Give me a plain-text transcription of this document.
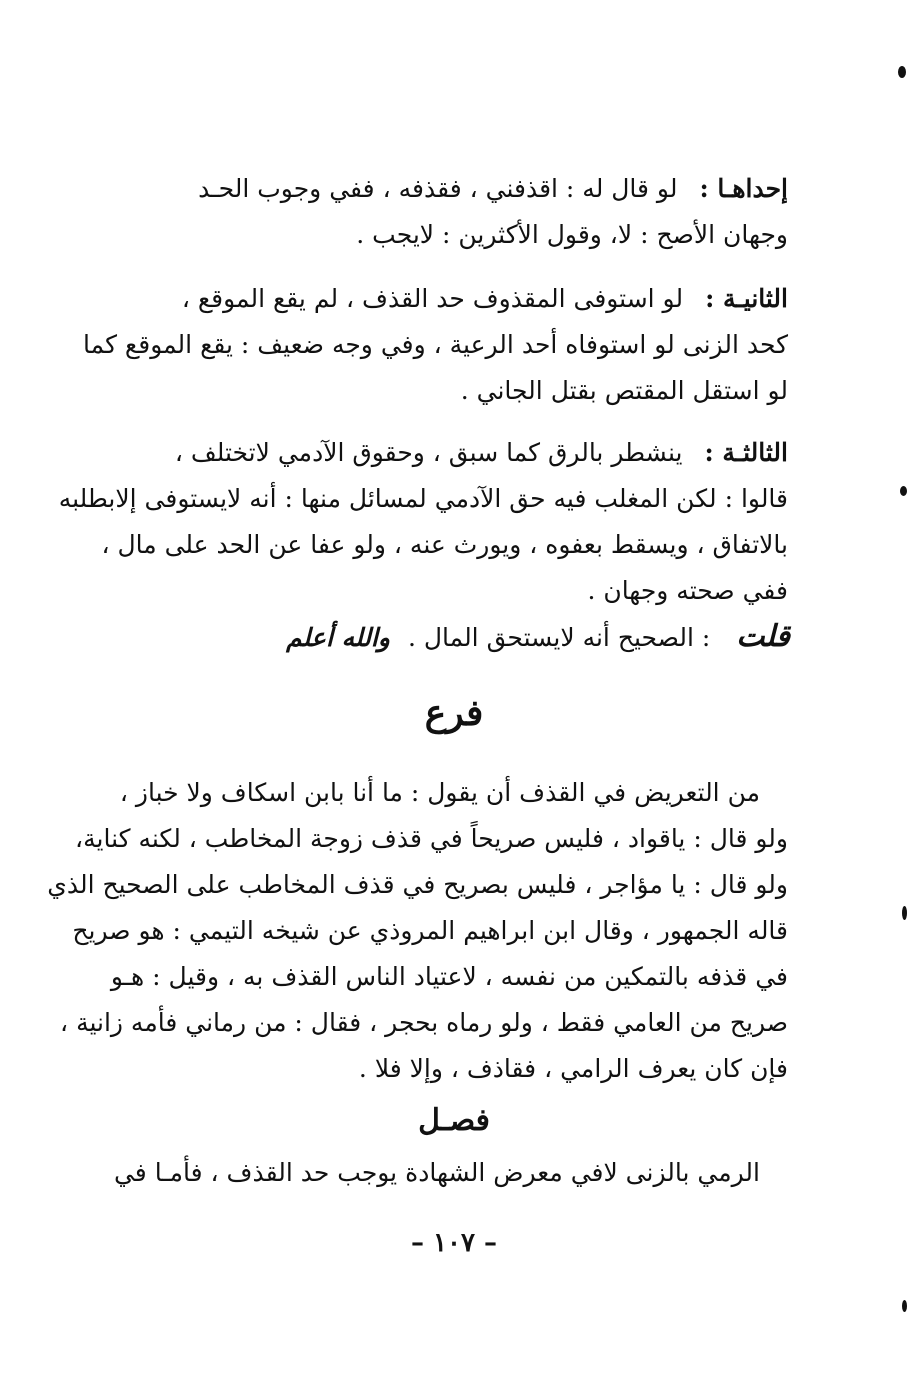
إحداهـا :لو قال له : اقذفني ، فقذفه ، ففي وجوب الحـد
وجهان الأصح : لا، وقول الأكثرين : لايجب .
الثانيـة :لو استوفى المقذوف حد القذف ، لم يقع الموقع ،
كحد الزنى لو استوفاه أحد الرعية ، وفي وجه ضعيف : يقع الموقع كما
لو استقل المقتص بقتل الجاني .
الثالثـة :ينشطر بالرق كما سبق ، وحقوق الآدمي لاتختلف ،
قالوا : لكن المغلب فيه حق الآدمي لمسائل منها : أنه لايستوفى إلابطلبه
بالاتفاق ، ويسقط بعفوه ، ويورث عنه ، ولو عفا عن الحد على مال ،
ففي صحته وجهان .
قلت: الصحيح أنه لايستحق المال .والله أعلم
فرع
من التعريض في القذف أن يقول : ما أنا بابن اسكاف ولا خباز ،
ولو قال : ياقواد ، فليس صريحاً في قذف زوجة المخاطب ، لكنه كناية،
ولو قال : يا مؤاجر ، فليس بصريح في قذف المخاطب على الصحيح الذي
قاله الجمهور ، وقال ابن ابراهيم المروذي عن شيخه التيمي : هو صريح
في قذفه بالتمكين من نفسه ، لاعتياد الناس القذف به ، وقيل : هـو
صريح من العامي فقط ، ولو رماه بحجر ، فقال : من رماني فأمه زانية ،
فإن كان يعرف الرامي ، فقاذف ، وإلا فلا .
فصـل
الرمي بالزنى لافي معرض الشهادة يوجب حد القذف ، فأمـا في
– ١٠٧ –
